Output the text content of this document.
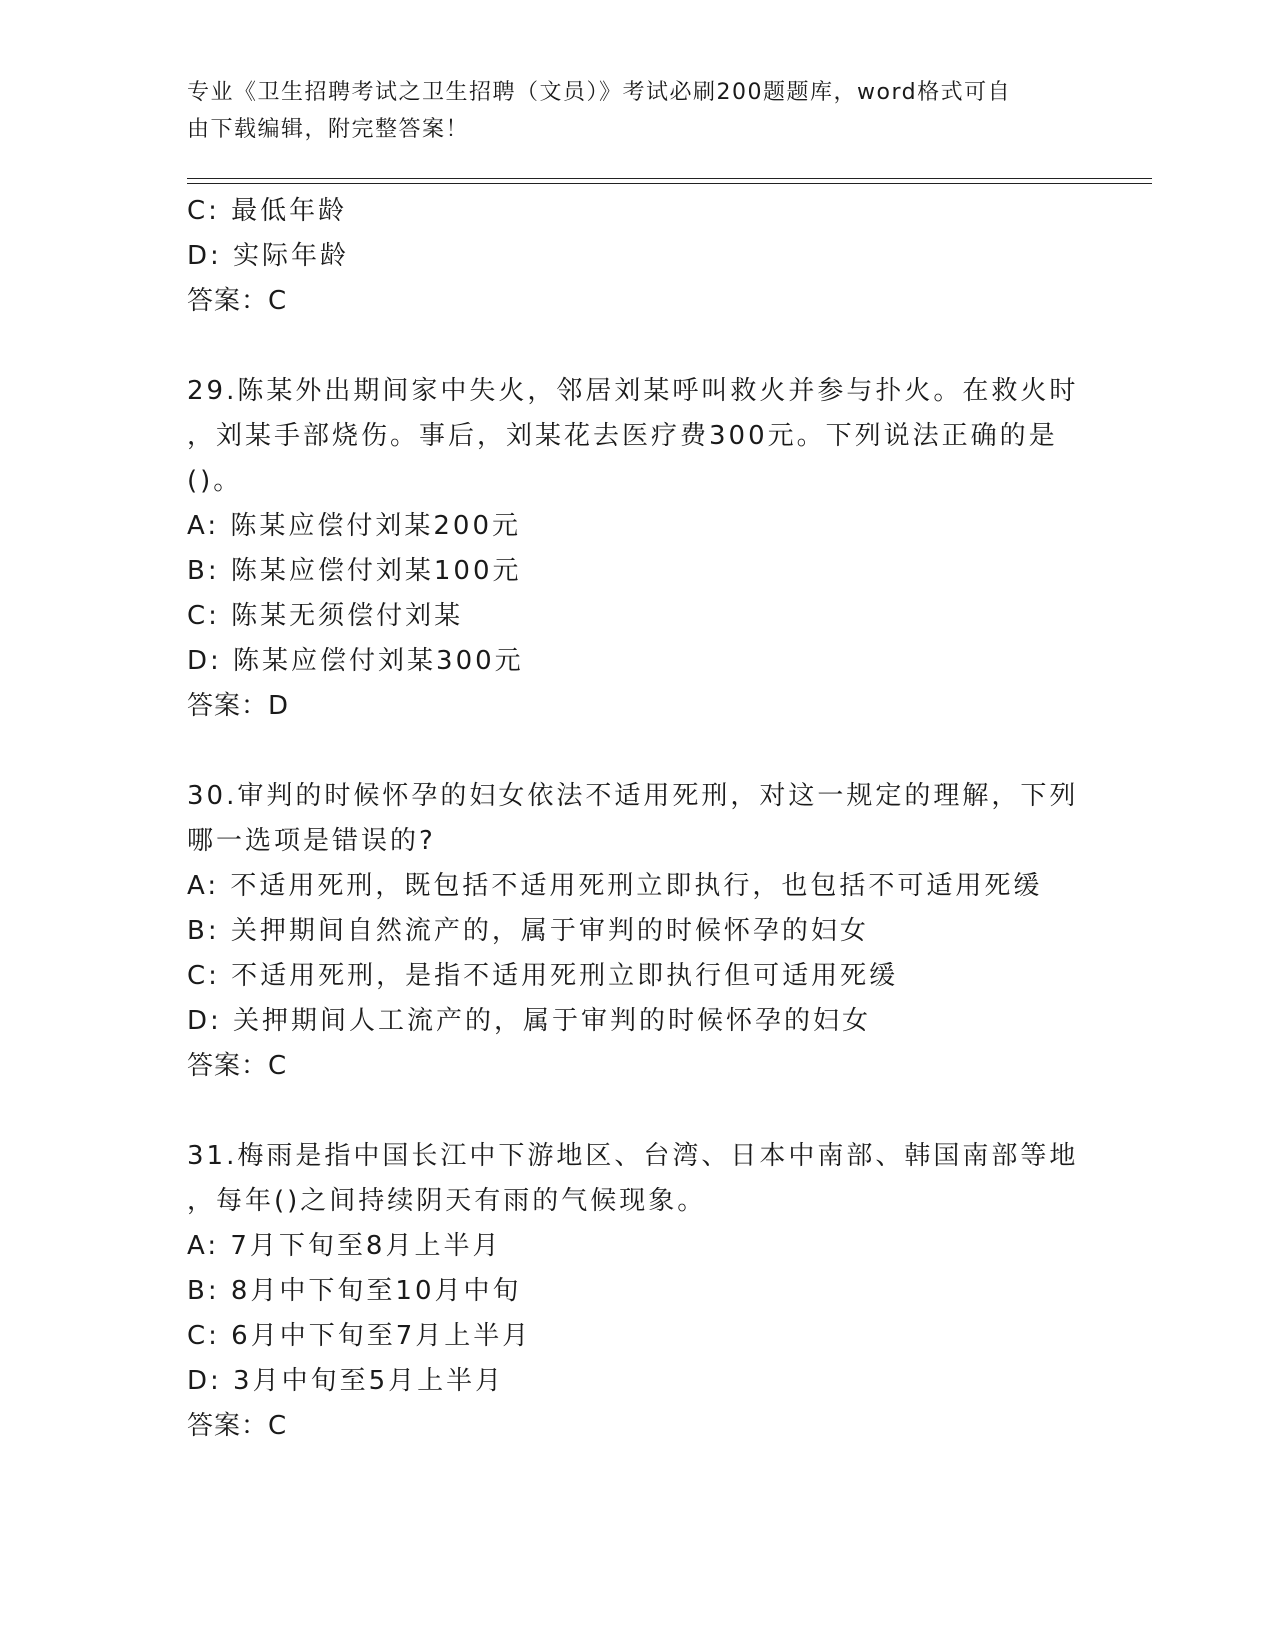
专业《卫生招聘考试之卫生招聘（文员）》考试必刷200题题库，word格式可自
由下载编辑，附完整答案！
C: 最低年龄
D: 实际年龄
答案：C
29.陈某外出期间家中失火，邻居刘某呼叫救火并参与扑火。在救火时
，刘某手部烧伤。事后，刘某花去医疗费300元。下列说法正确的是
()。
A: 陈某应偿付刘某200元
B: 陈某应偿付刘某100元
C: 陈某无须偿付刘某
D: 陈某应偿付刘某300元
答案：D
30.审判的时候怀孕的妇女依法不适用死刑，对这一规定的理解，下列
哪一选项是错误的?
A: 不适用死刑，既包括不适用死刑立即执行，也包括不可适用死缓
B: 关押期间自然流产的，属于审判的时候怀孕的妇女
C: 不适用死刑，是指不适用死刑立即执行但可适用死缓
D: 关押期间人工流产的，属于审判的时候怀孕的妇女
答案：C
31.梅雨是指中国长江中下游地区、台湾、日本中南部、韩国南部等地
，每年()之间持续阴天有雨的气候现象。
A: 7月下旬至8月上半月
B: 8月中下旬至10月中旬
C: 6月中下旬至7月上半月
D: 3月中旬至5月上半月
答案：C
